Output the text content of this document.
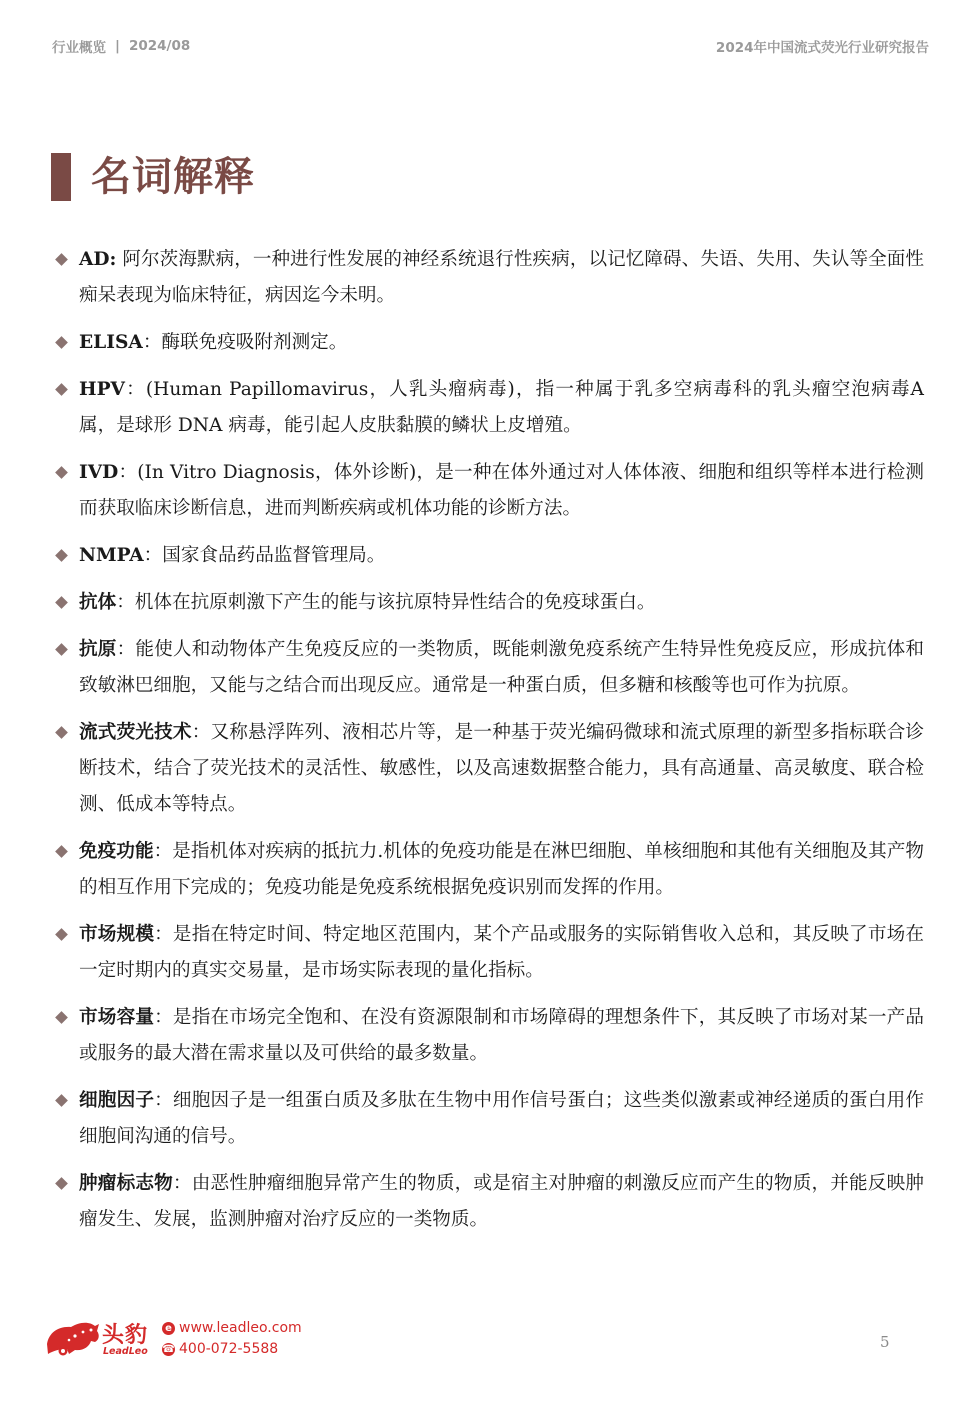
行业概览 | 2024/08	2024年中国流式荧光行业研究报告
名词解释
AD: 阿尔茨海默病，一种进行性发展的神经系统退行性疾病，以记忆障碍、失语、失用、失认等全面性痴呆表现为临床特征，病因迄今未明。
ELISA：酶联免疫吸附剂测定。
HPV：(Human Papillomavirus，人乳头瘤病毒)，指一种属于乳多空病毒科的乳头瘤空泡病毒A属，是球形 DNA 病毒，能引起人皮肤黏膜的鳞状上皮增殖。
IVD：(In Vitro Diagnosis，体外诊断)，是一种在体外通过对人体体液、细胞和组织等样本进行检测而获取临床诊断信息，进而判断疾病或机体功能的诊断方法。
NMPA：国家食品药品监督管理局。
抗体：机体在抗原刺激下产生的能与该抗原特异性结合的免疫球蛋白。
抗原：能使人和动物体产生免疫反应的一类物质，既能刺激免疫系统产生特异性免疫反应，形成抗体和致敏淋巴细胞，又能与之结合而出现反应。通常是一种蛋白质，但多糖和核酸等也可作为抗原。
流式荧光技术：又称悬浮阵列、液相芯片等，是一种基于荧光编码微球和流式原理的新型多指标联合诊断技术，结合了荧光技术的灵活性、敏感性，以及高速数据整合能力，具有高通量、高灵敏度、联合检测、低成本等特点。
免疫功能：是指机体对疾病的抵抗力.机体的免疫功能是在淋巴细胞、单核细胞和其他有关细胞及其产物的相互作用下完成的；免疫功能是免疫系统根据免疫识别而发挥的作用。
市场规模：是指在特定时间、特定地区范围内，某个产品或服务的实际销售收入总和，其反映了市场在一定时期内的真实交易量，是市场实际表现的量化指标。
市场容量：是指在市场完全饱和、在没有资源限制和市场障碍的理想条件下，其反映了市场对某一产品或服务的最大潜在需求量以及可供给的最多数量。
细胞因子：细胞因子是一组蛋白质及多肽在生物中用作信号蛋白；这些类似激素或神经递质的蛋白用作细胞间沟通的信号。
肿瘤标志物：由恶性肿瘤细胞异常产生的物质，或是宿主对肿瘤的刺激反应而产生的物质，并能反映肿瘤发生、发展，监测肿瘤对治疗反应的一类物质。
头豹
LeadLeo
e www.leadleo.com
☎ 400-072-5588	5
